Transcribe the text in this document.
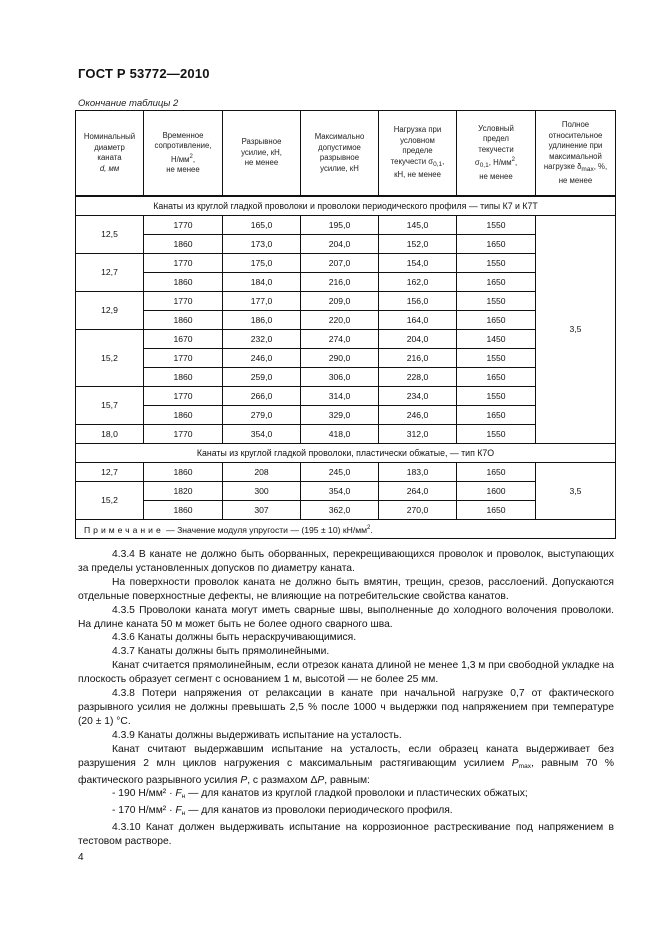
ГОСТ Р 53772—2010
Окончание таблицы 2
Номинальный
диаметр
каната
d, мм	Временное
сопротивление,
$Н/мм^2$,
не менее	Разрывное
усилие, кН,
не менее	Максимально
допустимое
разрывное
усилие, кН	Нагрузка при
условном
пределе
текучести $\sigma_{0,1}$,
кН, не менее	Условный
предел
текучести
$\sigma_{0,1}$, $Н/мм^2$,
не менее	Полное
относительное
удлинение при
максимальной
нагрузке $\delta_{max}$, %,
не менее
Канаты из круглой гладкой проволоки и проволоки периодического профиля — типы К7 и К7Т						
12,5	1770	165,0	195,0	145,0	1550	3,5
	1860	173,0	204,0	152,0	1650	
12,7	1770	175,0	207,0	154,0	1550	
	1860	184,0	216,0	162,0	1650	
12,9	1770	177,0	209,0	156,0	1550	
	1860	186,0	220,0	164,0	1650	
15,2	1670	232,0	274,0	204,0	1450	
	1770	246,0	290,0	216,0	1550	
	1860	259,0	306,0	228,0	1650	
15,7	1770	266,0	314,0	234,0	1550	
	1860	279,0	329,0	246,0	1650	
18,0	1770	354,0	418,0	312,0	1550	
Канаты из круглой гладкой проволоки, пластически обжатые, — тип К7О						
12,7	1860	208	245,0	183,0	1650	3,5
15,2	1820	300	354,0	264,0	1600	
	1860	307	362,0	270,0	1650	
Примечание — Значение модуля упругости — (195 ± 10) $кН/мм^2$.						

4.3.4 В канате не должно быть оборванных, перекрещивающихся проволок и проволок, выступающих за пределы установленных допусков по диаметру каната.

На поверхности проволок каната не должно быть вмятин, трещин, срезов, расслоений. Допускаются отдельные поверхностные дефекты, не влияющие на потребительские свойства канатов.

4.3.5 Проволоки каната могут иметь сварные швы, выполненные до холодного волочения проволоки. На длине каната 50 м может быть не более одного сварного шва.

4.3.6 Канаты должны быть нераскручивающимися.

4.3.7 Канаты должны быть прямолинейными.

Канат считается прямолинейным, если отрезок каната длиной не менее 1,3 м при свободной укладке на плоскость образует сегмент с основанием 1 м, высотой — не более 25 мм.

4.3.8 Потери напряжения от релаксации в канате при начальной нагрузке 0,7 от фактического разрывного усилия не должны превышать 2,5 % после 1000 ч выдержки под напряжением при температуре (20 ± 1) °С.

4.3.9 Канаты должны выдерживать испытание на усталость.

Канат считают выдержавшим испытание на усталость, если образец каната выдерживает без разрушения 2 млн циклов нагружения с максимальным растягивающим усилием $P_{max}$, равным 70 % фактического разрывного усилия P, с размахом ΔP, равным:

- 190 $Н/мм^2 \cdot F_н$ — для канатов из круглой гладкой проволоки и пластических обжатых;

- 170 $Н/мм^2 \cdot F_н$ — для канатов из проволоки периодического профиля.

4.3.10 Канат должен выдерживать испытание на коррозионное растрескивание под напряжением в тестовом растворе.

4
